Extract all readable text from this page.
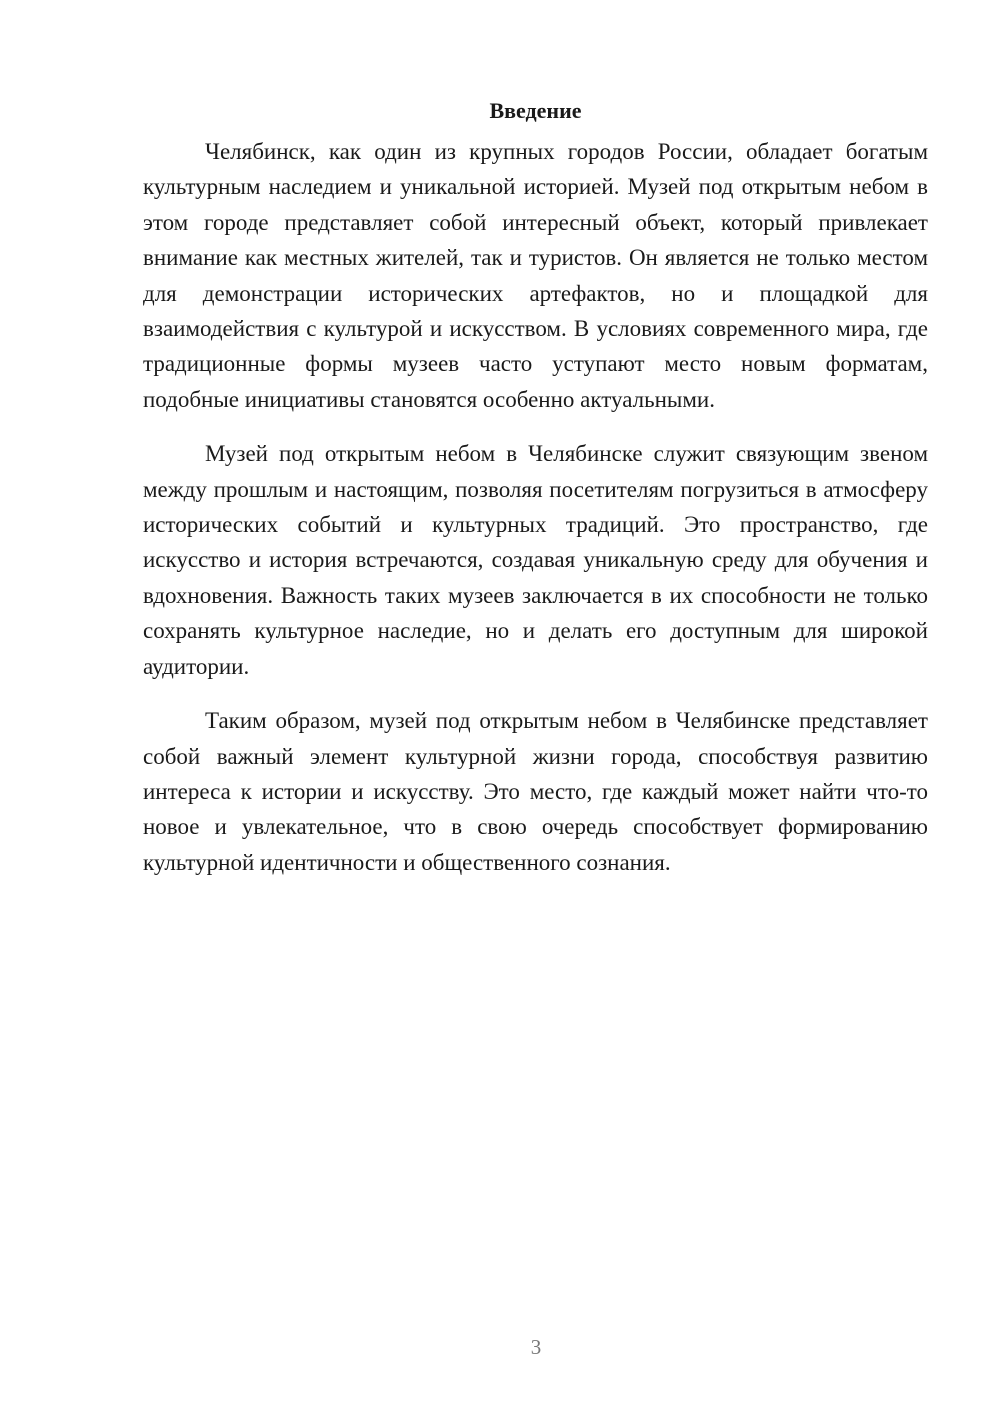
Введение

Челябинск, как один из крупных городов России, обладает богатым культурным наследием и уникальной историей. Музей под открытым небом в этом городе представляет собой интересный объект, который привлекает внимание как местных жителей, так и туристов. Он является не только местом для демонстрации исторических артефактов, но и площадкой для взаимодействия с культурой и искусством. В условиях современного мира, где традиционные формы музеев часто уступают место новым форматам, подобные инициативы становятся особенно актуальными.

Музей под открытым небом в Челябинске служит связующим звеном между прошлым и настоящим, позволяя посетителям погрузиться в атмосферу исторических событий и культурных традиций. Это пространство, где искусство и история встречаются, создавая уникальную среду для обучения и вдохновения. Важность таких музеев заключается в их способности не только сохранять культурное наследие, но и делать его доступным для широкой аудитории.

Таким образом, музей под открытым небом в Челябинске представляет собой важный элемент культурной жизни города, способствуя развитию интереса к истории и искусству. Это место, где каждый может найти что-то новое и увлекательное, что в свою очередь способствует формированию культурной идентичности и общественного сознания.

3
